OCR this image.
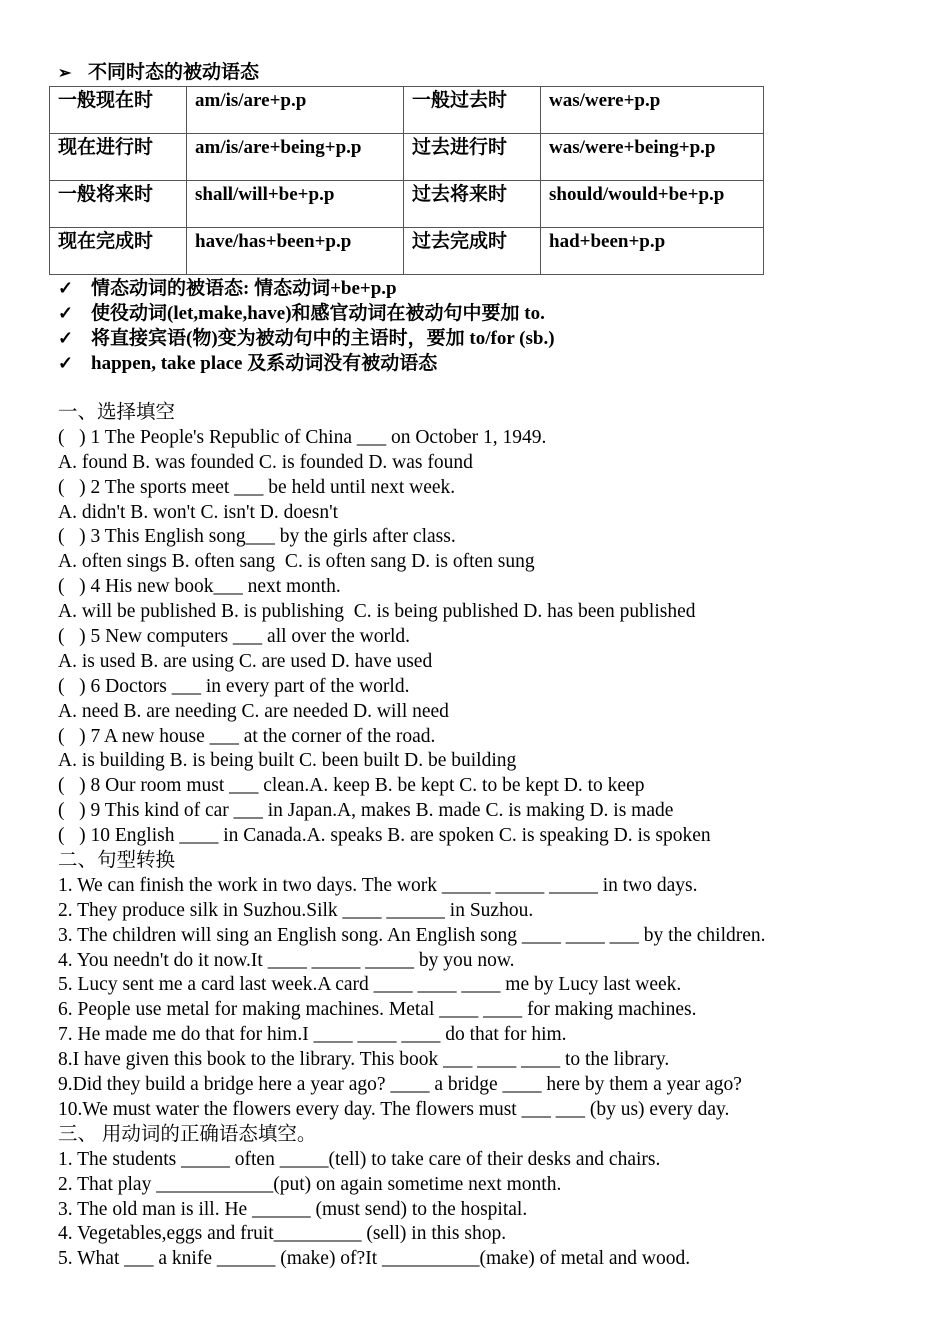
➢ 不同时态的被动语态
一般现在时	am/is/are+p.p	一般过去时	was/were+p.p
现在进行时	am/is/are+being+p.p	过去进行时	was/were+being+p.p
一般将来时	shall/will+be+p.p	过去将来时	should/would+be+p.p
现在完成时	have/has+been+p.p	过去完成时	had+been+p.p
✓ 情态动词的被语态: 情态动词+be+p.p
✓ 使役动词(let,make,have)和感官动词在被动句中要加 to.
✓ 将直接宾语(物)变为被动句中的主语时，要加 to/for (sb.)
✓ happen, take place 及系动词没有被动语态
一、选择填空
(   ) 1 The People's Republic of China ___ on October 1, 1949.
A. found B. was founded C. is founded D. was found
(   ) 2 The sports meet ___ be held until next week.
A. didn't B. won't C. isn't D. doesn't
(   ) 3 This English song___ by the girls after class.
A. often sings B. often sang  C. is often sang D. is often sung
(   ) 4 His new book___ next month.
A. will be published B. is publishing  C. is being published D. has been published
(   ) 5 New computers ___ all over the world.
A. is used B. are using C. are used D. have used
(   ) 6 Doctors ___ in every part of the world.
A. need B. are needing C. are needed D. will need
(   ) 7 A new house ___ at the corner of the road.
A. is building B. is being built C. been built D. be building
(   ) 8 Our room must ___ clean.A. keep B. be kept C. to be kept D. to keep
(   ) 9 This kind of car ___ in Japan.A, makes B. made C. is making D. is made
(   ) 10 English ____ in Canada.A. speaks B. are spoken C. is speaking D. is spoken
二、句型转换
1. We can finish the work in two days. The work _____ _____ _____ in two days.
2. They produce silk in Suzhou.Silk ____ ______ in Suzhou.
3. The children will sing an English song. An English song ____ ____ ___ by the children.
4. You needn't do it now.It ____ _____ _____ by you now.
5. Lucy sent me a card last week.A card ____ ____ ____ me by Lucy last week.
6. People use metal for making machines. Metal ____ ____ for making machines.
7. He made me do that for him.I ____ ____ ____ do that for him.
8.I have given this book to the library. This book ___ ____ ____ to the library.
9.Did they build a bridge here a year ago? ____ a bridge ____ here by them a year ago?
10.We must water the flowers every day. The flowers must ___ ___ (by us) every day.
三、 用动词的正确语态填空。
1. The students _____ often _____(tell) to take care of their desks and chairs.
2. That play ____________(put) on again sometime next month.
3. The old man is ill. He ______ (must send) to the hospital.
4. Vegetables,eggs and fruit_________ (sell) in this shop.
5. What ___ a knife ______ (make) of?It __________(make) of metal and wood.
